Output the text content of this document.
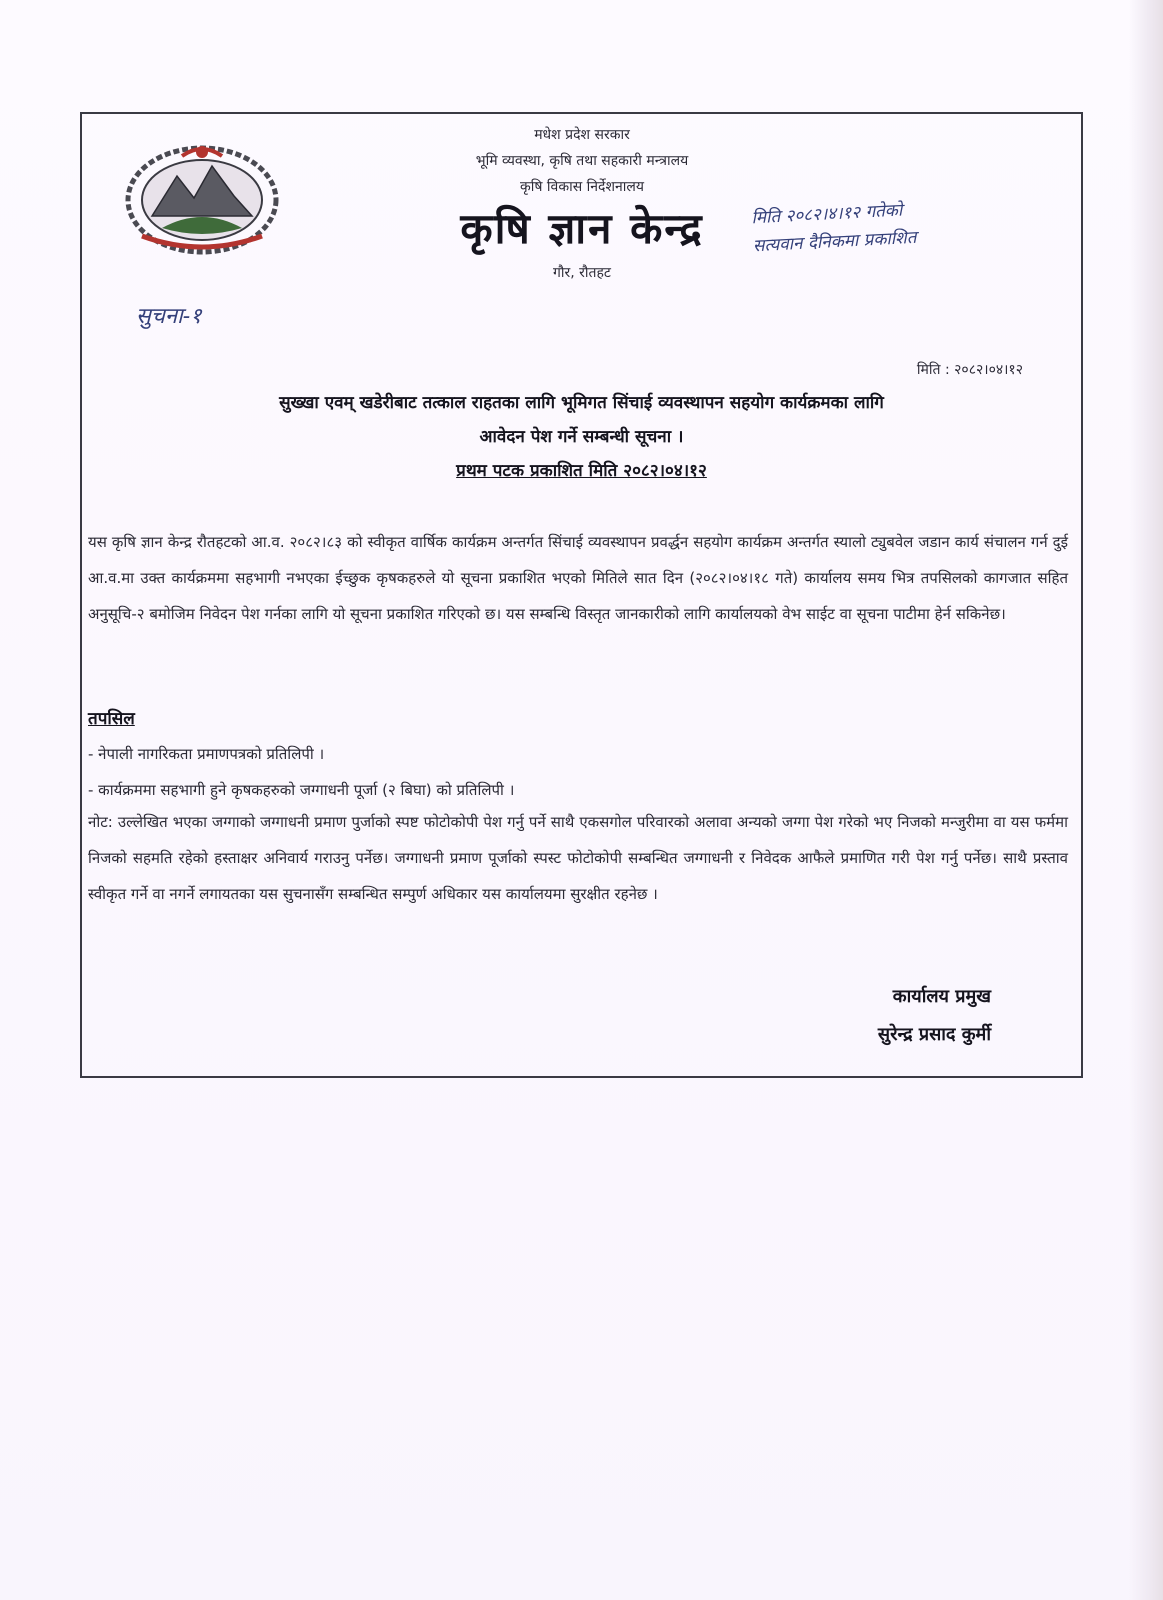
मधेश प्रदेश सरकार
भूमि व्यवस्था, कृषि तथा सहकारी मन्त्रालय
कृषि विकास निर्देशनालय
कृषि ज्ञान केन्द्र
गौर, रौतहट
सुचना-१
मिति २०८२।४।१२ गतेको
सत्यवान दैनिकमा प्रकाशित
मिति : २०८२।०४।१२
सुख्खा एवम् खडेरीबाट तत्काल राहतका लागि भूमिगत सिंचाई व्यवस्थापन सहयोग कार्यक्रमका लागि
आवेदन पेश गर्ने सम्बन्धी सूचना ।
प्रथम पटक प्रकाशित मिति २०८२।०४।१२
यस कृषि ज्ञान केन्द्र रौतहटको आ.व. २०८२।८३ को स्वीकृत वार्षिक कार्यक्रम अन्तर्गत सिंचाई व्यवस्थापन प्रवर्द्धन सहयोग कार्यक्रम अन्तर्गत स्यालो ट्युबवेल जडान कार्य संचालन गर्न दुई आ.व.मा उक्त कार्यक्रममा सहभागी नभएका ईच्छुक कृषकहरुले यो सूचना प्रकाशित भएको मितिले सात दिन (२०८२।०४।१८ गते) कार्यालय समय भित्र तपसिलको कागजात सहित अनुसूचि-२ बमोजिम निवेदन पेश गर्नका लागि यो सूचना प्रकाशित गरिएको छ। यस सम्बन्धि विस्तृत जानकारीको लागि कार्यालयको वेभ साईट वा सूचना पाटीमा हेर्न सकिनेछ।
तपसिल
- नेपाली नागरिकता प्रमाणपत्रको प्रतिलिपी ।
- कार्यक्रममा सहभागी हुने कृषकहरुको जग्गाधनी पूर्जा (२ बिघा) को प्रतिलिपी ।
नोट: उल्लेखित भएका जग्गाको जग्गाधनी प्रमाण पुर्जाको स्पष्ट फोटोकोपी पेश गर्नु पर्ने साथै एकसगोल परिवारको अलावा अन्यको जग्गा पेश गरेको भए निजको मन्जुरीमा वा यस फर्ममा निजको सहमति रहेको हस्ताक्षर अनिवार्य गराउनु पर्नेछ। जग्गाधनी प्रमाण पूर्जाको स्पस्ट फोटोकोपी सम्बन्धित जग्गाधनी र निवेदक आफैले प्रमाणित गरी पेश गर्नु पर्नेछ। साथै प्रस्ताव स्वीकृत गर्ने वा नगर्ने लगायतका यस सुचनासँग सम्बन्धित सम्पुर्ण अधिकार यस कार्यालयमा सुरक्षीत रहनेछ ।
कार्यालय प्रमुख
सुरेन्द्र प्रसाद कुर्मी
